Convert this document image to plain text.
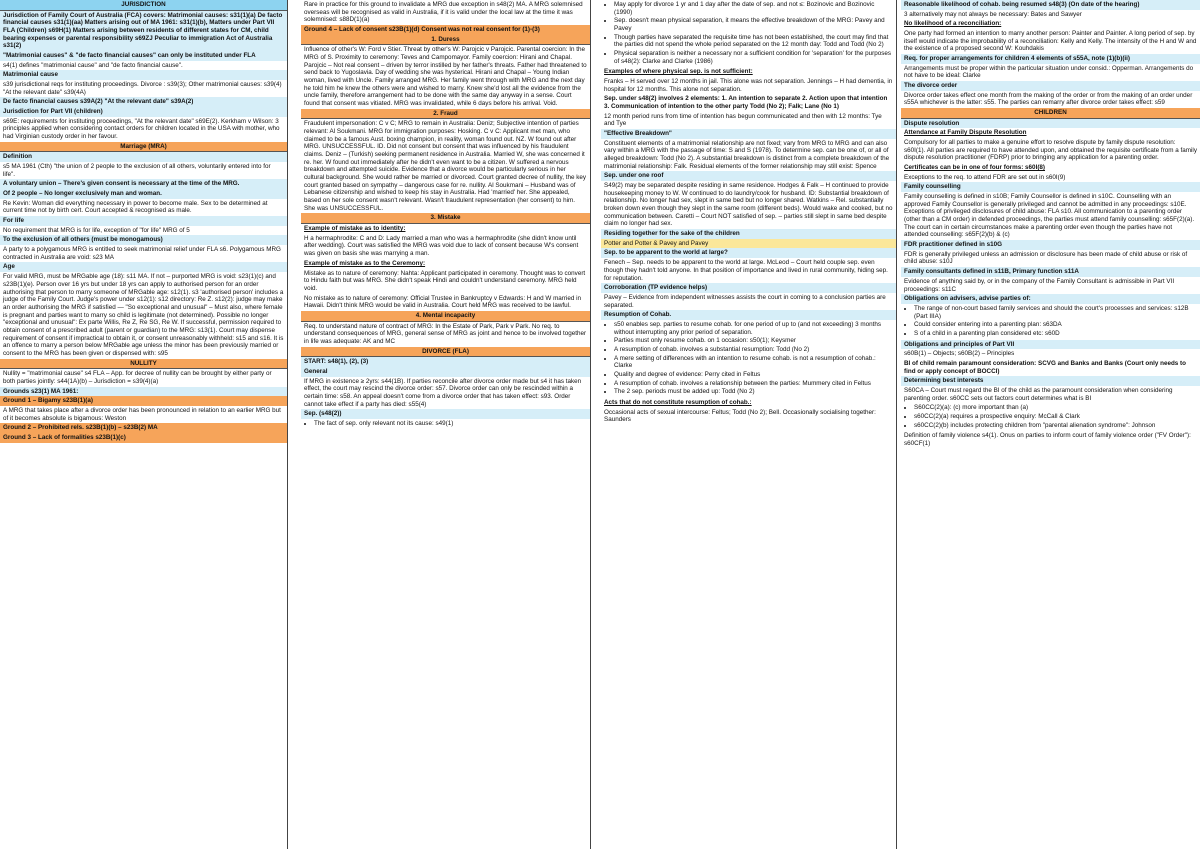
JURISDICTION
Jurisdiction of Family Court of Australia (FCA) covers: Matrimonial causes: s31(1)(a) De facto financial causes s31(1)(aa) Matters arising out of MA 1961: s31(1)(b), Matters under Part VII FLA (Children) s69H(1) Matters arising between residents of different states for CM, child bearing expenses or parental responsibility s69ZJ Peculiar to immigration Act of Australia s31(2)
"Matrimonial causes" & "de facto financial causes" can only be instituted under FLA
s4(1) defines "matrimonial cause" and "de facto financial cause".
Matrimonial cause
s39 jurisdictional reqs for instituting proceedings. Divorce : s39(3); Other matrimonial causes: s39(4) "At the relevant date" s39(4A)
De facto financial causes s39A(2) "At the relevant date" s39A(2)
Jurisdiction for Part VII (children)
s69E: requirements for instituting proceedings, "At the relevant date" s69E(2). Kerkham v Wilson: 3 principles applied when considering contact orders for children located in the USA with mother, who had Virginian custody order in her favour.
Marriage (MRA)
Definition
s5 MA 1961 (Cth) "the union of 2 people to the exclusion of all others, voluntarily entered into for life".
A voluntary union – There's given consent is necessary at the time of the MRG.
Of 2 people – No longer exclusively man and woman.
Re Kevin: Woman did everything necessary in power to become male. Sex to be determined at current time not by birth cert. Court accepted & recognised as male.
For life
No requirement that MRG is for life, exception of "for life" MRG of 5
To the exclusion of all others (must be monogamous)
A party to a polygamous MRG is entitled to seek matrimonial relief under FLA s6. Polygamous MRG contracted in Australia are void: s23 MA
Age
For valid MRG, must be MRGable age (18): s11 MA. If not – purported MRG is void: s23(1)(c) and s23B(1)(e). Person over 16 yrs but under 18 yrs can apply to authorised person for an order authorising that person to marry someone of MRGable age: s12(1). s3 'authorised person' includes a judge of the Family Court. Judge's power under s12(1): s12 directory: Re Z. s12(2): judge may make an order authorising the MRG if satisfied — "So exceptional and unusual" – Must also, where female is pregnant and parties want to marry so child is legitimate (not determined). Possible no longer "exceptional and unusual": Ex parte Willis, Re Z, Re SG, Re W. If successful, permission required to obtain consent of a prescribed adult (parent or guardian) to the MRG: s13(1). Court may dispense requirement of consent if impractical to obtain it, or consent unreasonably withheld: s15 and s16. It is an offence to marry a person below MRGable age unless the minor has been previously married or consent to the MRG has been given or dispensed with: s95
NULLITY
Nullity = "matrimonial cause" s4 FLA – App. for decree of nullity can be brought by either party or both parties jointly: s44(1A)(b) – Jurisdiction = s39(4)(a)
Grounds s23(1) MA 1961:
Ground 1 – Bigamy s23B(1)(a)
A MRG that takes place after a divorce order has been pronounced in relation to an earlier MRG but of it becomes absolute is bigamous: Weston
Ground 2 – Prohibited rels. s23B(1)(b) – s23B(2) MA
Ground 3 – Lack of formalities s23B(1)(c)
Rare in practice for this ground to invalidate a MRG due exception in s48(2) MA. A MRG solemnised overseas will be recognised as valid in Australia, if it is valid under the local law at the time it was solemnised: s88D(1)(a)
Ground 4 – Lack of consent s23B(1)(d) Consent was not real consent for (1)-(3)
1. Duress
Influence of other's W: Ford v Stier. Threat by other's W: Parojcic v Parojcic. Parental coercion: In the MRG of S. Proximity to ceremony: Teves and Campomayor. Family coercion: Hirani and Chapal. Parojcic – Not real consent – driven by terror instilled by her father's threats. Father had threatened to send back to Yugoslavia. Day of wedding she was hysterical. Hirani and Chapal – Young Indian woman, lived with Uncle. Family arranged MRG. Her family went through with MRG and the next day he told him he knew the others were and wished to marry. Knew she'd lost all the evidence from the uncle family, therefore arrangement had to be done with the same day anyway in a sense. Court found that consent was vitiated. MRG was invalidated, while 6 days before his arrival. Void.
2. Fraud
Fraudulent impersonation: C v C; MRG to remain in Australia: Deniz; Subjective intention of parties relevant: Al Soukmani. MRG for immigration purposes: Hosking. C v C: Applicant met man, who claimed to be a famous Aust. boxing champion, in reality, woman found out. NZ. W found out after MRG. UNSUCCESSFUL. ID. Did not consent but consent that was influenced by his fraudulent claims. Deniz – (Turkish) seeking permanent residence in Australia. Married W, she was concerned it re. her. W found out immediately after he didn't even want to be a citizen. W suffered a nervous breakdown and attempted suicide. Evidence that a divorce would be particularly serious in her cultural background. She would rather be married or divorced. Court granted decree of nullity, the key court granted based on sympathy – dangerous case for re. nullity. Al Soukmani – Husband was of Lebanese citizenship and wished to keep his stay in Australia. Had 'married' her. She appealed, based on her sole consent wasn't relevant. Wasn't fraudulent representation (her consent) to him. She was UNSUCCESSFUL.
3. Mistake
Example of mistake as to identity:
H a hermaphrodite: C and D: Lady married a man who was a hermaphrodite (she didn't know until after wedding). Court was satisfied the MRG was void due to lack of consent because W's consent was given on basis she was marrying a man.
Example of mistake as to the Ceremony:
Mistake as to nature of ceremony: Nahta: Applicant participated in ceremony. Thought was to convert to Hindu faith but was MRG. She didn't speak Hindi and couldn't understand ceremony. MRG held void.
No mistake as to nature of ceremony: Official Trustee in Bankruptcy v Edwards: H and W married in Hawaii. Didn't think MRG would be valid in Australia. Court held MRG was received to be lawful.
4. Mental incapacity
Req. to understand nature of contract of MRG: In the Estate of Park, Park v Park. No req. to understand consequences of MRG, general sense of MRG as joint and hence to be involved together in life was adequate: AK and MC
DIVORCE (FLA)
START: s48(1), (2), (3)
General
If MRG in existence ≥ 2yrs: s44(1B). If parties reconcile after divorce order made but s4 it has taken effect, the court may rescind the divorce order: s57. Divorce order can only be rescinded within a certain time: s58. An appeal doesn't come from a divorce order that has taken effect: s93. Order cannot take effect if a party has died: s55(4)
Sep. (s48(2))
• The fact of sep. only relevant not its cause: s49(1)
• May apply for divorce 1 yr and 1 day after the date of sep. and not ≤: Bozinovic and Bozinovic (1990)
• Sep. doesn't mean physical separation, it means the effective breakdown of the MRG: Pavey and Pavey
• Though parties have separated the requisite time has not been established, the court may find that the parties did not spend the whole period separated on the 12 month day: Todd and Todd (No 2)
• Physical separation is neither a necessary nor a sufficient condition for 'separation' for the purposes of s48(2): Clarke and Clarke (1986)
Examples of where physical sep. is not sufficient:
Franks – H served over 12 months in jail. This alone was not separation. Jennings – H had dementia, in hospital for 12 months. This alone not separation.
Sep. under s48(2) involves 2 elements: 1. An intention to separate 2. Action upon that intention 3. Communication of intention to the other party Todd (No 2); Falk; Lane (No 1)
12 month period runs from time of intention has begun communicated and then with 12 months: Tye and Tye
"Effective Breakdown"
Constituent elements of a matrimonial relationship are not fixed; vary from MRG to MRG and can also vary within a MRG with the passage of time: S and S (1978). To determine sep. can be one of, or all of alleged breakdown: Todd (No 2). A substantial breakdown is distinct from a complete breakdown of the matrimonial relationship: Falk. Residual elements of the former relationship may still exist: Spence
Sep. under one roof
S49(2) may be separated despite residing in same residence. Hodges & Falk – H continued to provide housekeeping money to W. W continued to do laundry/cook for husband. ID: Substantial breakdown of relationship. No longer had sex, slept in same bed but no longer shared. Watkins – Rel. substantially broken down even though they slept in the same room (different beds). Would wake and cooked, but no communication between. Caretti – Court NOT satisfied of sep. – parties still slept in same bed despite claim no longer had sex.
Residing together for the sake of the children
Potter and Potter & Pavey and Pavey
Sep. to be apparent to the world at large?
Fenech – Sep. needs to be apparent to the world at large. McLeod – Court held couple sep. even though they hadn't told anyone. In that position of importance and lived in rural community, hiding sep. for reputation.
Corroboration (TP evidence helps)
Pavey – Evidence from independent witnesses assists the court in coming to a conclusion parties are separated.
Resumption of Cohab.
• s50 enables sep. parties to resume cohab. for one period of up to (and not exceeding) 3 months without interrupting any prior period of separation.
• Parties must only resume cohab. on 1 occasion: s50(1); Keysmer
• A resumption of cohab. involves a substantial resumption: Todd (No 2)
• A mere setting of differences with an intention to resume cohab. is not a resumption of cohab.: Clarke
• Quality and degree of evidence: Perry cited in Feltus
• A resumption of cohab. involves a relationship between the parties: Mummery cited in Feltus
• The 2 sep. periods must be added up: Todd (No 2)
Acts that do not constitute resumption of cohab.:
Occasional acts of sexual intercourse: Feltus; Todd (No 2); Bell. Occasionally socialising together: Saunders
Reasonable likelihood of cohab. being resumed s48(3) (On date of the hearing)
3 alternatively may not always be necessary: Bates and Sawyer
No likelihood of a reconciliation:
One party had formed an intention to marry another person: Painter and Painter. A long period of sep. by itself would indicate the improbability of a reconciliation: Kelly and Kelly. The intensity of the H and W and the existence of a proposed second W: Kouhdakis
Req. for proper arrangements for children 4 elements of s55A, note (1)(b)(ii)
Arrangements must be proper within the particular situation under consid.: Opperman. Arrangements do not have to be ideal: Clarke
The divorce order
Divorce order takes effect one month from the making of the order or from the making of an order under s55A whichever is the latter: s55. The parties can remarry after divorce order takes effect: s59
CHILDREN
Dispute resolution
Attendance at Family Dispute Resolution
Compulsory for all parties to make a genuine effort to resolve dispute by family dispute resolution: s60I(1). All parties are required to have attended upon, and obtained the requisite certificate from a family dispute resolution practitioner (FDRP) prior to bringing any application for a parenting order.
Certificates can be in one of four forms: s60I(8)
Exceptions to the req. to attend FDR are set out in s60I(9)
Family counselling
Family counselling is defined in s10B; Family Counsellor is defined in s10C. Counselling with an approved Family Counsellor is generally privileged and cannot be admitted in any proceedings: s10E. Exceptions of privileged disclosures of child abuse: FLA s10. All communication to a parenting order (other than a CM order) in defended proceedings, the parties must attend family counselling: s65F(2)(a). The court can in certain circumstances make a parenting order even though the parties have not attended counselling: s65F(2)(b) & (c)
FDR practitioner defined in s10G
FDR is generally privileged unless an admission or disclosure has been made of child abuse or risk of child abuse: s10J
Family consultants defined in s11B, Primary function s11A
Evidence of anything said by, or in the company of the Family Consultant is admissible in Part VII proceedings: s11C
Obligations on advisers, advise parties of:
• The range of non-court based family services and should the court's processes and services: s12B (Part IIIA)
• Could consider entering into a parenting plan: s63DA
• S of a child in a parenting plan considered etc: s60D
Obligations and principles of Part VII
s60B(1) – Objects; s60B(2) – Principles
BI of child remain paramount consideration: SCVG and Banks and Banks (Court only needs to find or apply concept of BOCCI)
Determining best interests
S60CA – Court must regard the BI of the child as the paramount consideration when considering parenting order. s60CC sets out factors court determines what is BI
• S60CC(2)(a): (c) more important than (a)
• s60CC(2)(a) requires a prospective enquiry: McCall & Clark
• s60CC(2)(b) includes protecting children from "parental alienation syndrome": Johnson
Definition of family violence s4(1). Onus on parties to inform court of family violence order ("FV Order"): s60CF(1)
